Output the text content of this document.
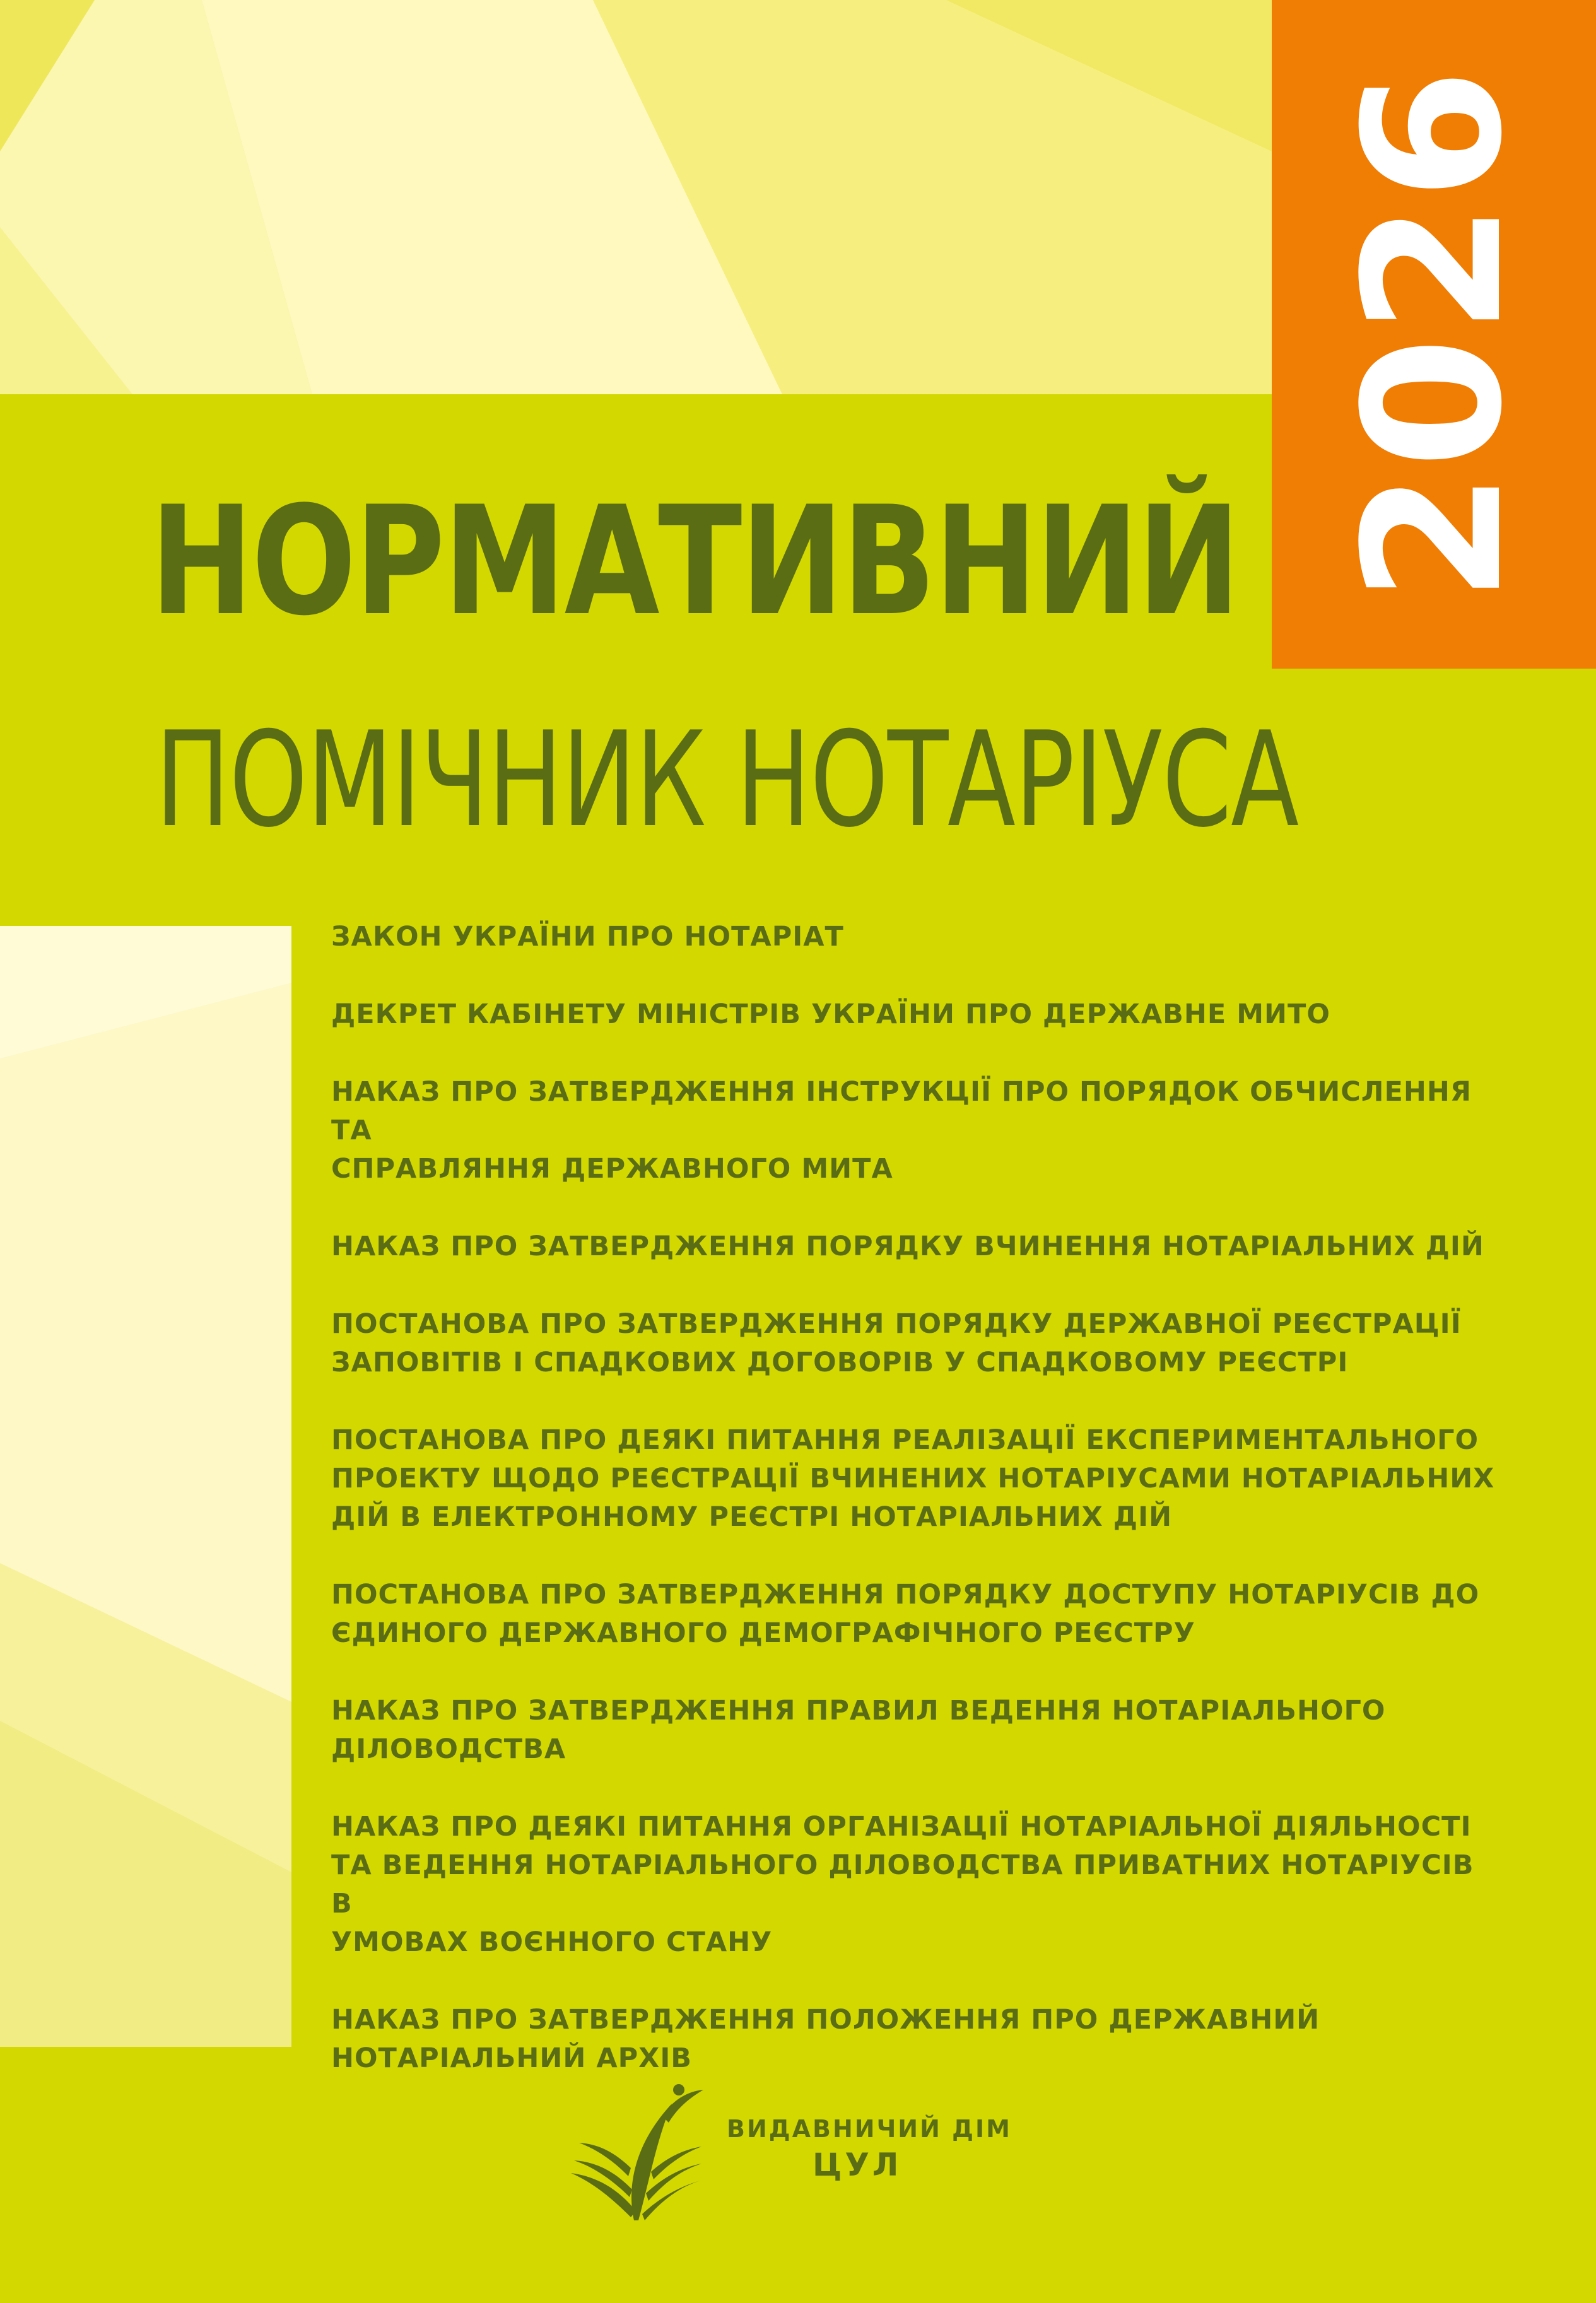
2026
НОРМАТИВНИЙ
ПОМІЧНИК НОТАРІУСА
ЗАКОН УКРАЇНИ ПРО НОТАРІАТ
ДЕКРЕТ КАБІНЕТУ МІНІСТРІВ УКРАЇНИ ПРО ДЕРЖАВНЕ МИТО
НАКАЗ ПРО ЗАТВЕРДЖЕННЯ ІНСТРУКЦІЇ ПРО ПОРЯДОК ОБЧИСЛЕННЯ ТА
СПРАВЛЯННЯ ДЕРЖАВНОГО МИТА
НАКАЗ ПРО ЗАТВЕРДЖЕННЯ ПОРЯДКУ ВЧИНЕННЯ НОТАРІАЛЬНИХ ДІЙ
ПОСТАНОВА ПРО ЗАТВЕРДЖЕННЯ ПОРЯДКУ ДЕРЖАВНОЇ РЕЄСТРАЦІЇ
ЗАПОВІТІВ І СПАДКОВИХ ДОГОВОРІВ У СПАДКОВОМУ РЕЄСТРІ
ПОСТАНОВА ПРО ДЕЯКІ ПИТАННЯ РЕАЛІЗАЦІЇ ЕКСПЕРИМЕНТАЛЬНОГО
ПРОЕКТУ ЩОДО РЕЄСТРАЦІЇ ВЧИНЕНИХ НОТАРІУСАМИ НОТАРІАЛЬНИХ
ДІЙ В ЕЛЕКТРОННОМУ РЕЄСТРІ НОТАРІАЛЬНИХ ДІЙ
ПОСТАНОВА ПРО ЗАТВЕРДЖЕННЯ ПОРЯДКУ ДОСТУПУ НОТАРІУСІВ ДО
ЄДИНОГО ДЕРЖАВНОГО ДЕМОГРАФІЧНОГО РЕЄСТРУ
НАКАЗ ПРО ЗАТВЕРДЖЕННЯ ПРАВИЛ ВЕДЕННЯ НОТАРІАЛЬНОГО
ДІЛОВОДСТВА
НАКАЗ ПРО ДЕЯКІ ПИТАННЯ ОРГАНІЗАЦІЇ НОТАРІАЛЬНОЇ ДІЯЛЬНОСТІ
ТА ВЕДЕННЯ НОТАРІАЛЬНОГО ДІЛОВОДСТВА ПРИВАТНИХ НОТАРІУСІВ В
УМОВАХ ВОЄННОГО СТАНУ
НАКАЗ ПРО ЗАТВЕРДЖЕННЯ ПОЛОЖЕННЯ ПРО ДЕРЖАВНИЙ
НОТАРІАЛЬНИЙ АРХІВ
ВИДАВНИЧИЙ ДІМ
ЦУЛ
